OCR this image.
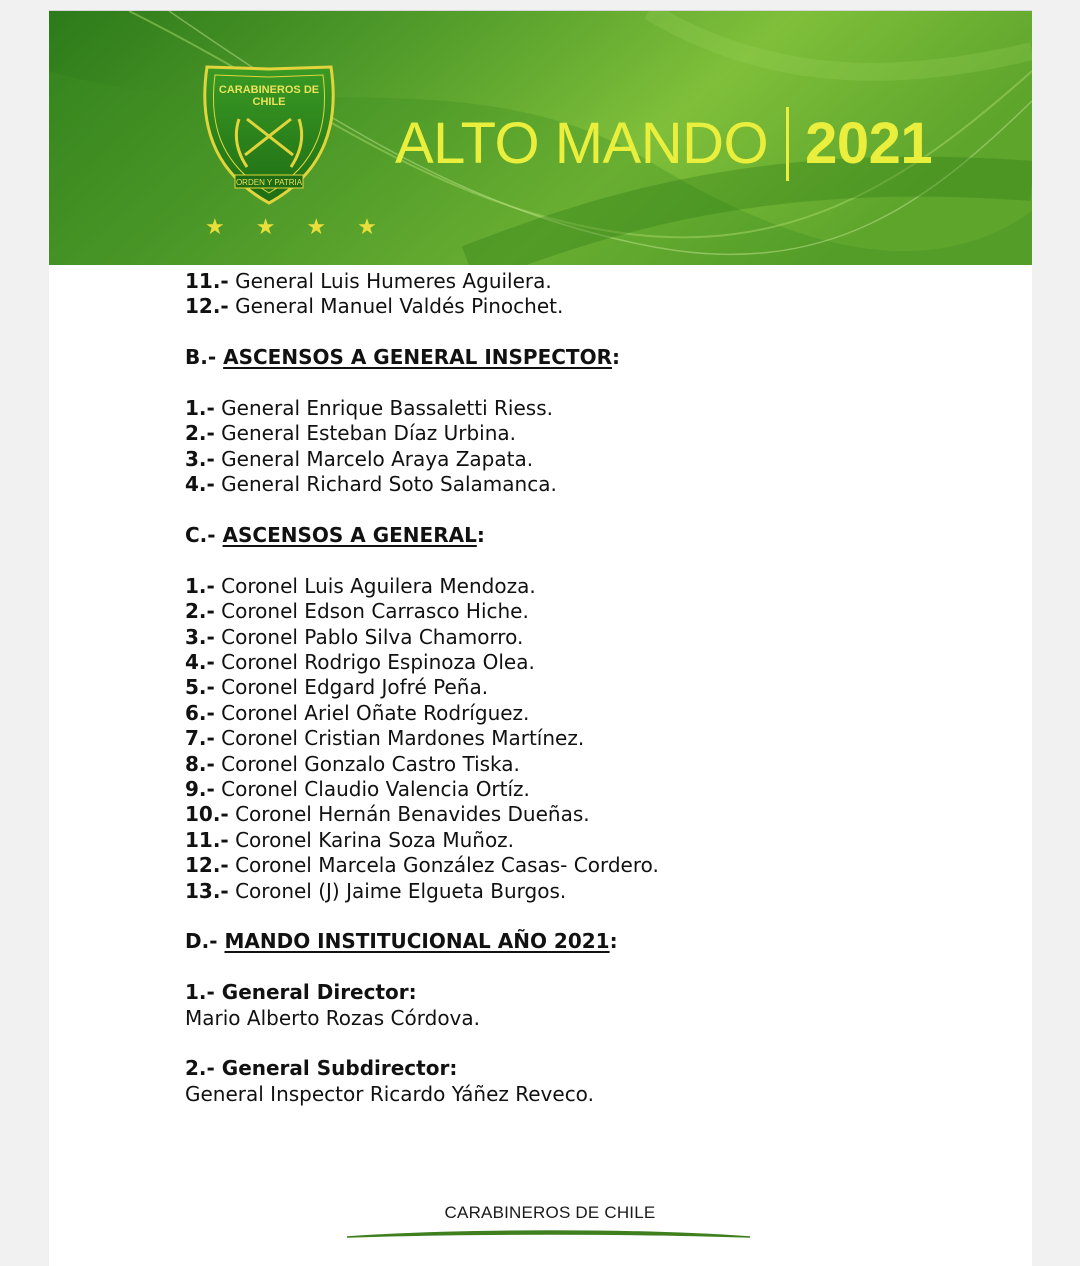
CARABINEROS DE
CHILE
ORDEN Y PATRIA
★ ★ ★ ★
ALTO MANDO 2021
11.- General Luis Humeres Aguilera.
12.- General Manuel Valdés Pinochet.
B.- ASCENSOS A GENERAL INSPECTOR:
1.- General Enrique Bassaletti Riess.
2.- General Esteban Díaz Urbina.
3.- General Marcelo Araya Zapata.
4.- General Richard Soto Salamanca.
C.- ASCENSOS A GENERAL:
1.- Coronel Luis Aguilera Mendoza.
2.- Coronel Edson Carrasco Hiche.
3.- Coronel Pablo Silva Chamorro.
4.- Coronel Rodrigo Espinoza Olea.
5.- Coronel Edgard Jofré Peña.
6.- Coronel Ariel Oñate Rodríguez.
7.- Coronel Cristian Mardones Martínez.
8.- Coronel Gonzalo Castro Tiska.
9.- Coronel Claudio Valencia Ortíz.
10.- Coronel Hernán Benavides Dueñas.
11.- Coronel Karina Soza Muñoz.
12.- Coronel Marcela González Casas- Cordero.
13.- Coronel (J) Jaime Elgueta Burgos.
D.- MANDO INSTITUCIONAL AÑO 2021:
1.- General Director:
Mario Alberto Rozas Córdova.
2.- General Subdirector:
General Inspector Ricardo Yáñez Reveco.
CARABINEROS DE CHILE
